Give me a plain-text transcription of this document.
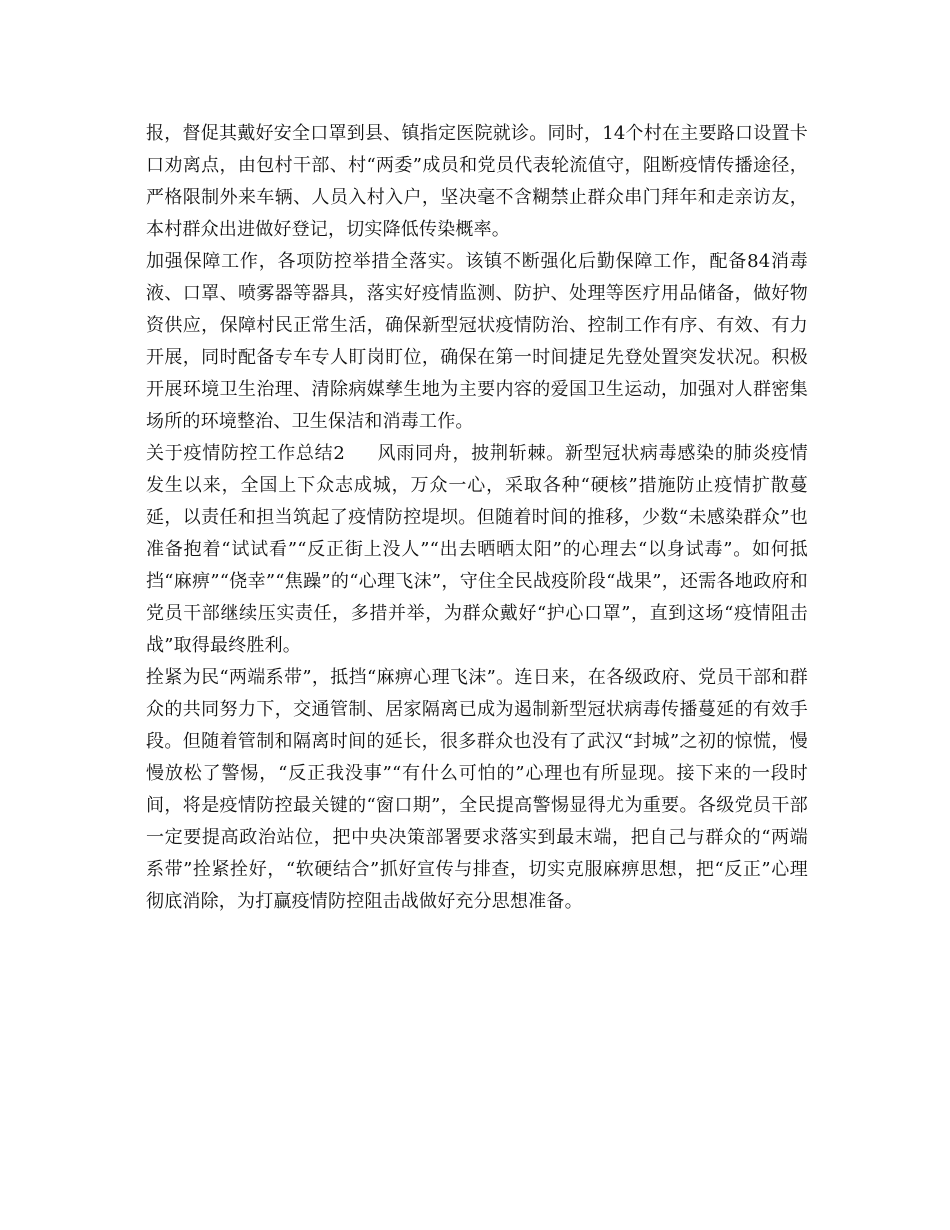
报，督促其戴好安全口罩到县、镇指定医院就诊。同时，14个村在主要路口设置卡口劝离点，由包村干部、村“两委”成员和党员代表轮流值守，阻断疫情传播途径，严格限制外来车辆、人员入村入户，坚决毫不含糊禁止群众串门拜年和走亲访友，本村群众出进做好登记，切实降低传染概率。

加强保障工作，各项防控举措全落实。该镇不断强化后勤保障工作，配备84消毒液、口罩、喷雾器等器具，落实好疫情监测、防护、处理等医疗用品储备，做好物资供应，保障村民正常生活，确保新型冠状疫情防治、控制工作有序、有效、有力开展，同时配备专车专人盯岗盯位，确保在第一时间捷足先登处置突发状况。积极开展环境卫生治理、清除病媒孳生地为主要内容的爱国卫生运动，加强对人群密集场所的环境整治、卫生保洁和消毒工作。

关于疫情防控工作总结2 风雨同舟，披荆斩棘。新型冠状病毒感染的肺炎疫情发生以来，全国上下众志成城，万众一心，采取各种“硬核”措施防止疫情扩散蔓延，以责任和担当筑起了疫情防控堤坝。但随着时间的推移，少数“未感染群众”也准备抱着“试试看”“反正街上没人”“出去晒晒太阳”的心理去“以身试毒”。如何抵挡“麻痹”“侥幸”“焦躁”的“心理飞沫”，守住全民战疫阶段“战果”，还需各地政府和党员干部继续压实责任，多措并举，为群众戴好“护心口罩”，直到这场“疫情阻击战”取得最终胜利。

拴紧为民“两端系带”，抵挡“麻痹心理飞沫”。连日来，在各级政府、党员干部和群众的共同努力下，交通管制、居家隔离已成为遏制新型冠状病毒传播蔓延的有效手段。但随着管制和隔离时间的延长，很多群众也没有了武汉“封城”之初的惊慌，慢慢放松了警惕，“反正我没事”“有什么可怕的”心理也有所显现。接下来的一段时间，将是疫情防控最关键的“窗口期”，全民提高警惕显得尤为重要。各级党员干部一定要提高政治站位，把中央决策部署要求落实到最末端，把自己与群众的“两端系带”拴紧拴好，“软硬结合”抓好宣传与排查，切实克服麻痹思想，把“反正”心理彻底消除，为打赢疫情防控阻击战做好充分思想准备。
